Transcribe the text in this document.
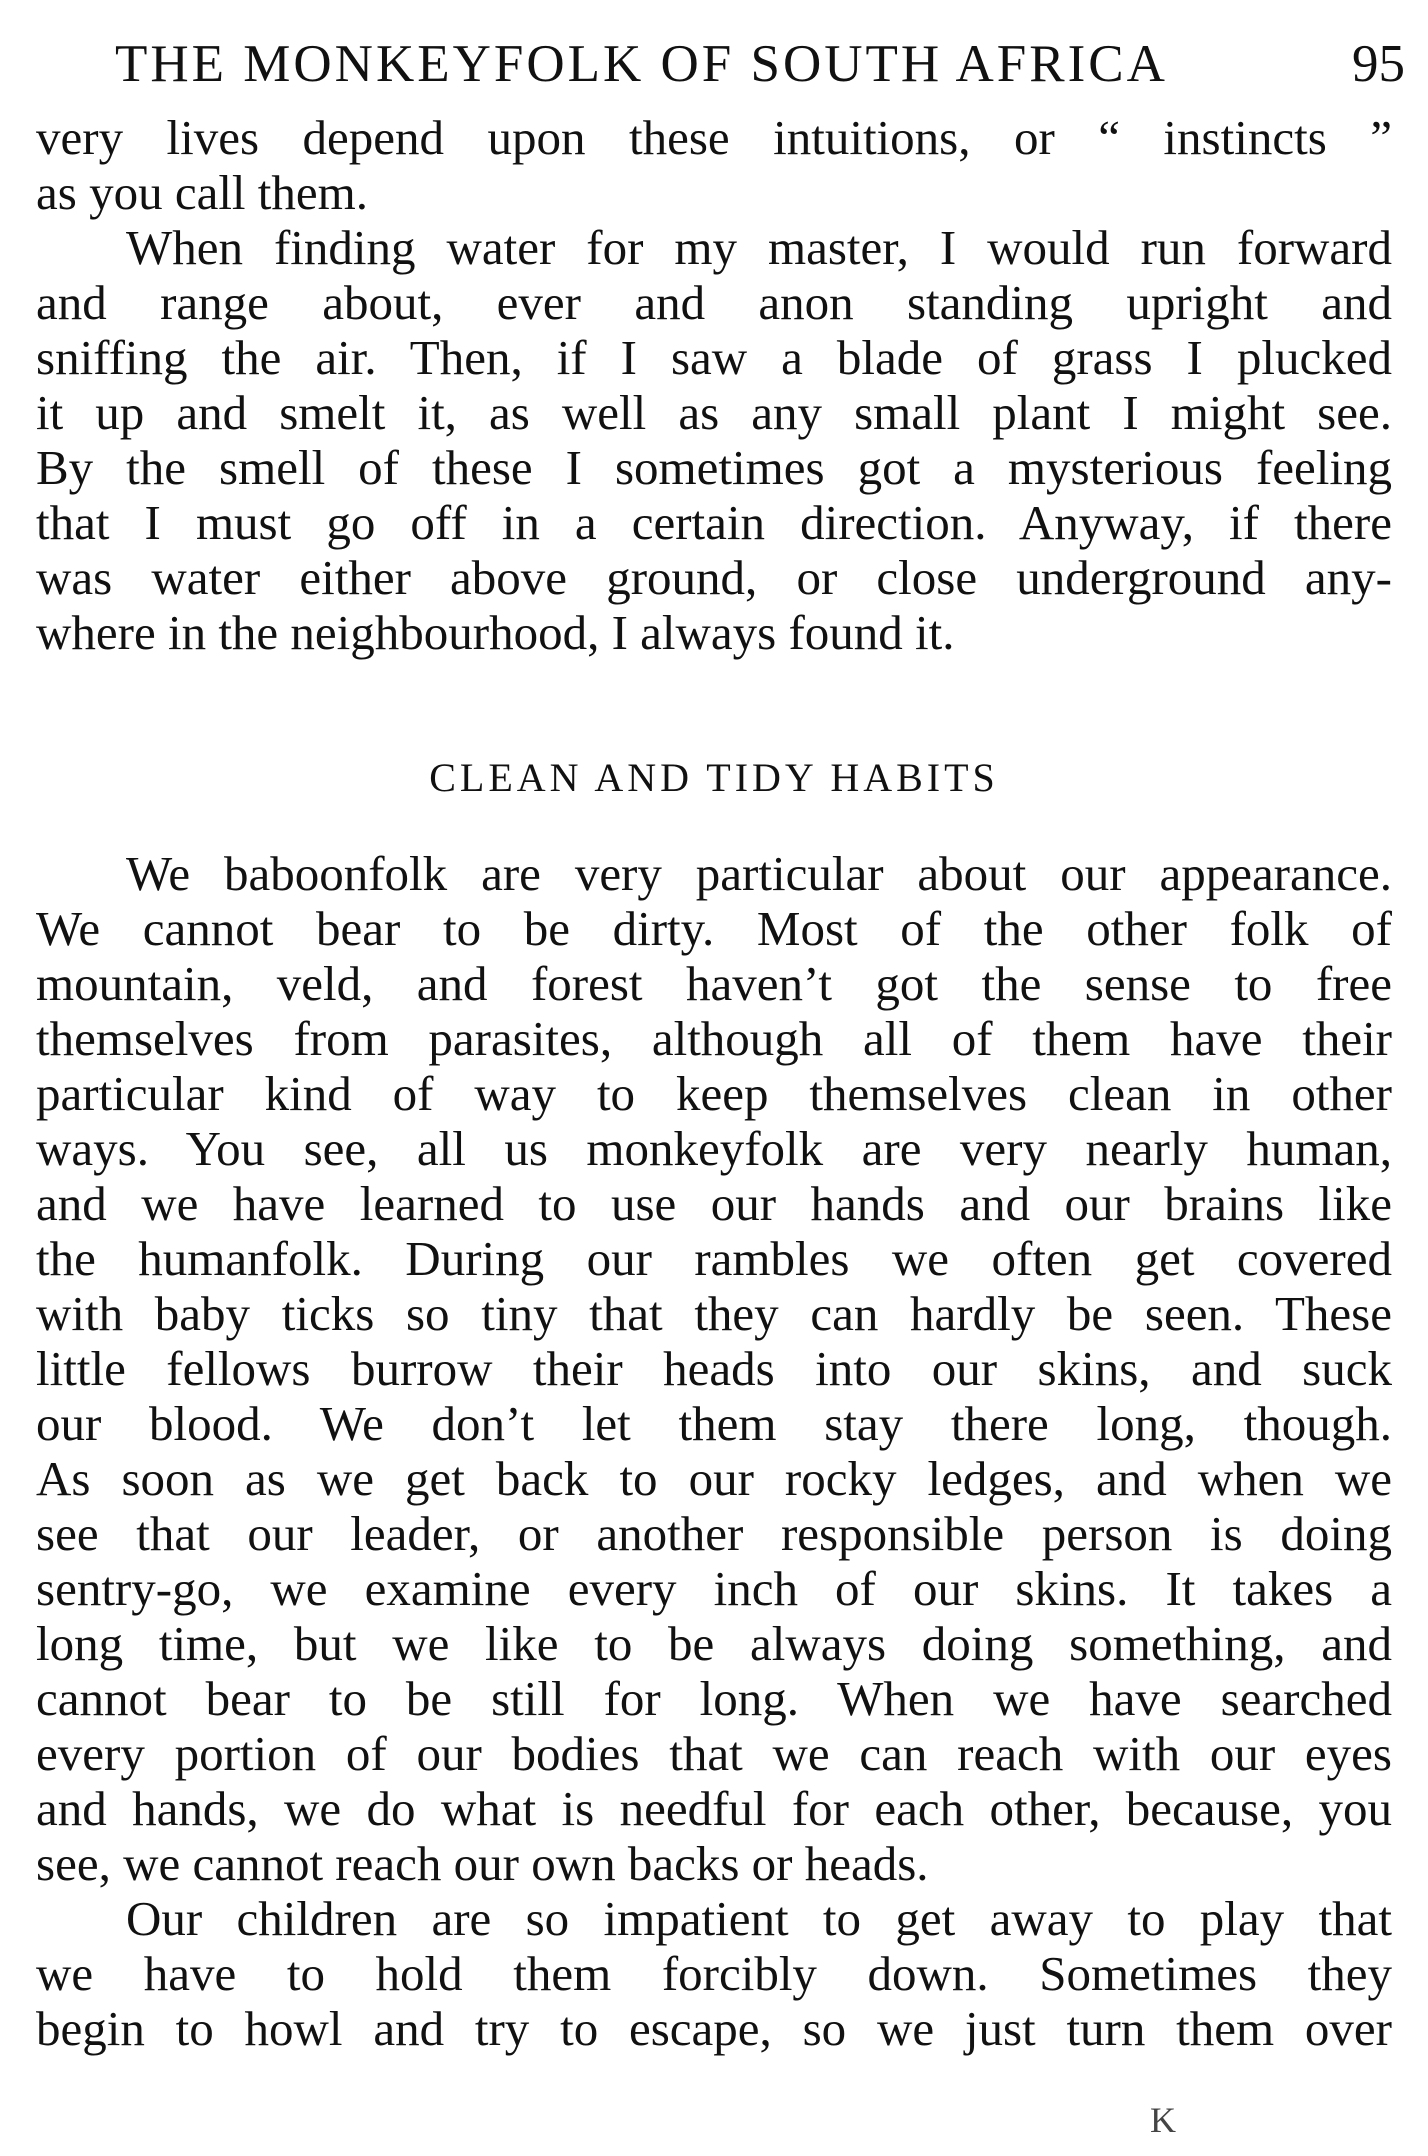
THE MONKEYFOLK OF SOUTH AFRICA	95
very lives depend upon these intuitions, or “ instincts ”
as you call them.
When finding water for my master, I would run forward
and range about, ever and anon standing upright and
sniffing the air. Then, if I saw a blade of grass I plucked
it up and smelt it, as well as any small plant I might see.
By the smell of these I sometimes got a mysterious feeling
that I must go off in a certain direction. Anyway, if there
was water either above ground, or close underground any-
where in the neighbourhood, I always found it.
CLEAN AND TIDY HABITS
We baboonfolk are very particular about our appearance.
We cannot bear to be dirty. Most of the other folk of
mountain, veld, and forest haven’t got the sense to free
themselves from parasites, although all of them have their
particular kind of way to keep themselves clean in other
ways. You see, all us monkeyfolk are very nearly human,
and we have learned to use our hands and our brains like
the humanfolk. During our rambles we often get covered
with baby ticks so tiny that they can hardly be seen. These
little fellows burrow their heads into our skins, and suck
our blood. We don’t let them stay there long, though.
As soon as we get back to our rocky ledges, and when we
see that our leader, or another responsible person is doing
sentry-go, we examine every inch of our skins. It takes a
long time, but we like to be always doing something, and
cannot bear to be still for long. When we have searched
every portion of our bodies that we can reach with our eyes
and hands, we do what is needful for each other, because, you
see, we cannot reach our own backs or heads.
Our children are so impatient to get away to play that
we have to hold them forcibly down. Sometimes they
begin to howl and try to escape, so we just turn them over
K
